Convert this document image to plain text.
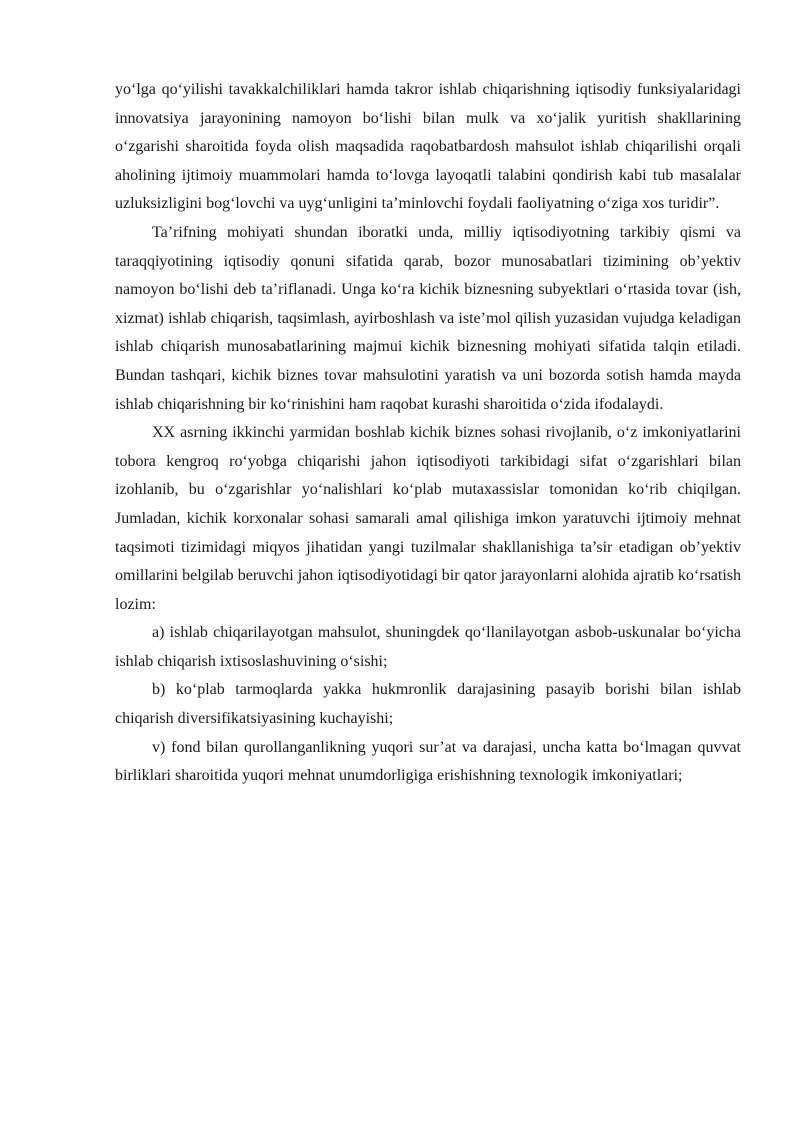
yo‘lga qo‘yilishi tavakkalchiliklari hamda takror ishlab chiqarishning iqtisodiy funksiyalaridagi innovatsiya jarayonining namoyon bo‘lishi bilan mulk va xo‘jalik yuritish shakllarining o‘zgarishi sharoitida foyda olish maqsadida raqobatbardosh mahsulot ishlab chiqarilishi orqali aholining ijtimoiy muammolari hamda to‘lovga layoqatli talabini qondirish kabi tub masalalar uzluksizligini bog‘lovchi va uyg‘unligini ta’minlovchi foydali faoliyatning o‘ziga xos turidir”.

Ta’rifning mohiyati shundan iboratki unda, milliy iqtisodiyotning tarkibiy qismi va taraqqiyotining iqtisodiy qonuni sifatida qarab, bozor munosabatlari tizimining ob’yektiv namoyon bo‘lishi deb ta’riflanadi. Unga ko‘ra kichik biznesning subyektlari o‘rtasida tovar (ish, xizmat) ishlab chiqarish, taqsimlash, ayirboshlash va iste’mol qilish yuzasidan vujudga keladigan ishlab chiqarish munosabatlarining majmui kichik biznesning mohiyati sifatida talqin etiladi. Bundan tashqari, kichik biznes tovar mahsulotini yaratish va uni bozorda sotish hamda mayda ishlab chiqarishning bir ko‘rinishini ham raqobat kurashi sharoitida o‘zida ifodalaydi.

XX asrning ikkinchi yarmidan boshlab kichik biznes sohasi rivojlanib, o‘z imkoniyatlarini tobora kengroq ro‘yobga chiqarishi jahon iqtisodiyoti tarkibidagi sifat o‘zgarishlari bilan izohlanib, bu o‘zgarishlar yo‘nalishlari ko‘plab mutaxassislar tomonidan ko‘rib chiqilgan. Jumladan, kichik korxonalar sohasi samarali amal qilishiga imkon yaratuvchi ijtimoiy mehnat taqsimoti tizimidagi miqyos jihatidan yangi tuzilmalar shakllanishiga ta’sir etadigan ob’yektiv omillarini belgilab beruvchi jahon iqtisodiyotidagi bir qator jarayonlarni alohida ajratib ko‘rsatish lozim:

a) ishlab chiqarilayotgan mahsulot, shuningdek qo‘llanilayotgan asbob-uskunalar bo‘yicha ishlab chiqarish ixtisoslashuvining o‘sishi;

b) ko‘plab tarmoqlarda yakka hukmronlik darajasining pasayib borishi bilan ishlab chiqarish diversifikatsiyasining kuchayishi;

v) fond bilan qurollanganlikning yuqori sur’at va darajasi, uncha katta bo‘lmagan quvvat birliklari sharoitida yuqori mehnat unumdorligiga erishishning texnologik imkoniyatlari;
